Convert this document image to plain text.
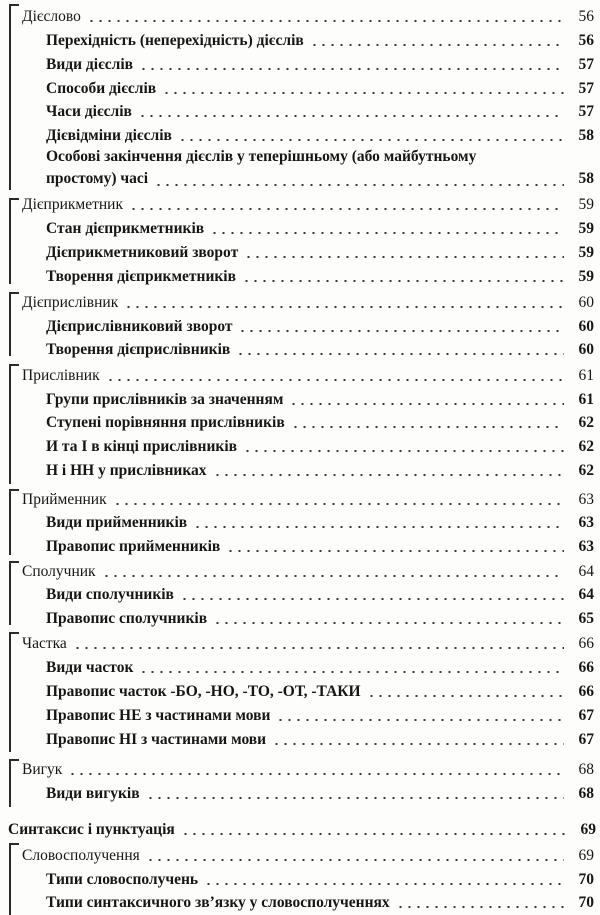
Дієслово	56
Перехідність (неперехідність) дієслів	56
Види дієслів	57
Способи дієслів	57
Часи дієслів	57
Дієвідміни дієслів	58
Особові закінчення дієслів у теперішньому (або майбутньому
простому) часі	58
Дієприкметник	59
Стан дієприкметників	59
Дієприкметниковий зворот	59
Творення дієприкметників	59
Дієприслівник	60
Дієприслівниковий зворот	60
Творення дієприслівників	60
Прислівник	61
Групи прислівників за значенням	61
Ступені порівняння прислівників	62
И та І в кінці прислівників	62
Н і НН у прислівниках	62
Прийменник	63
Види прийменників	63
Правопис прийменників	63
Сполучник	64
Види сполучників	64
Правопис сполучників	65
Частка	66
Види часток	66
Правопис часток -БО, -НО, -ТО, -ОТ, -ТАКИ	66
Правопис НЕ з частинами мови	67
Правопис НІ з частинами мови	67
Вигук	68
Види вигуків	68
Синтаксис і пунктуація	69
Словосполучення	69
Типи словосполучень	70
Типи синтаксичного зв’язку у словосполученнях	70
